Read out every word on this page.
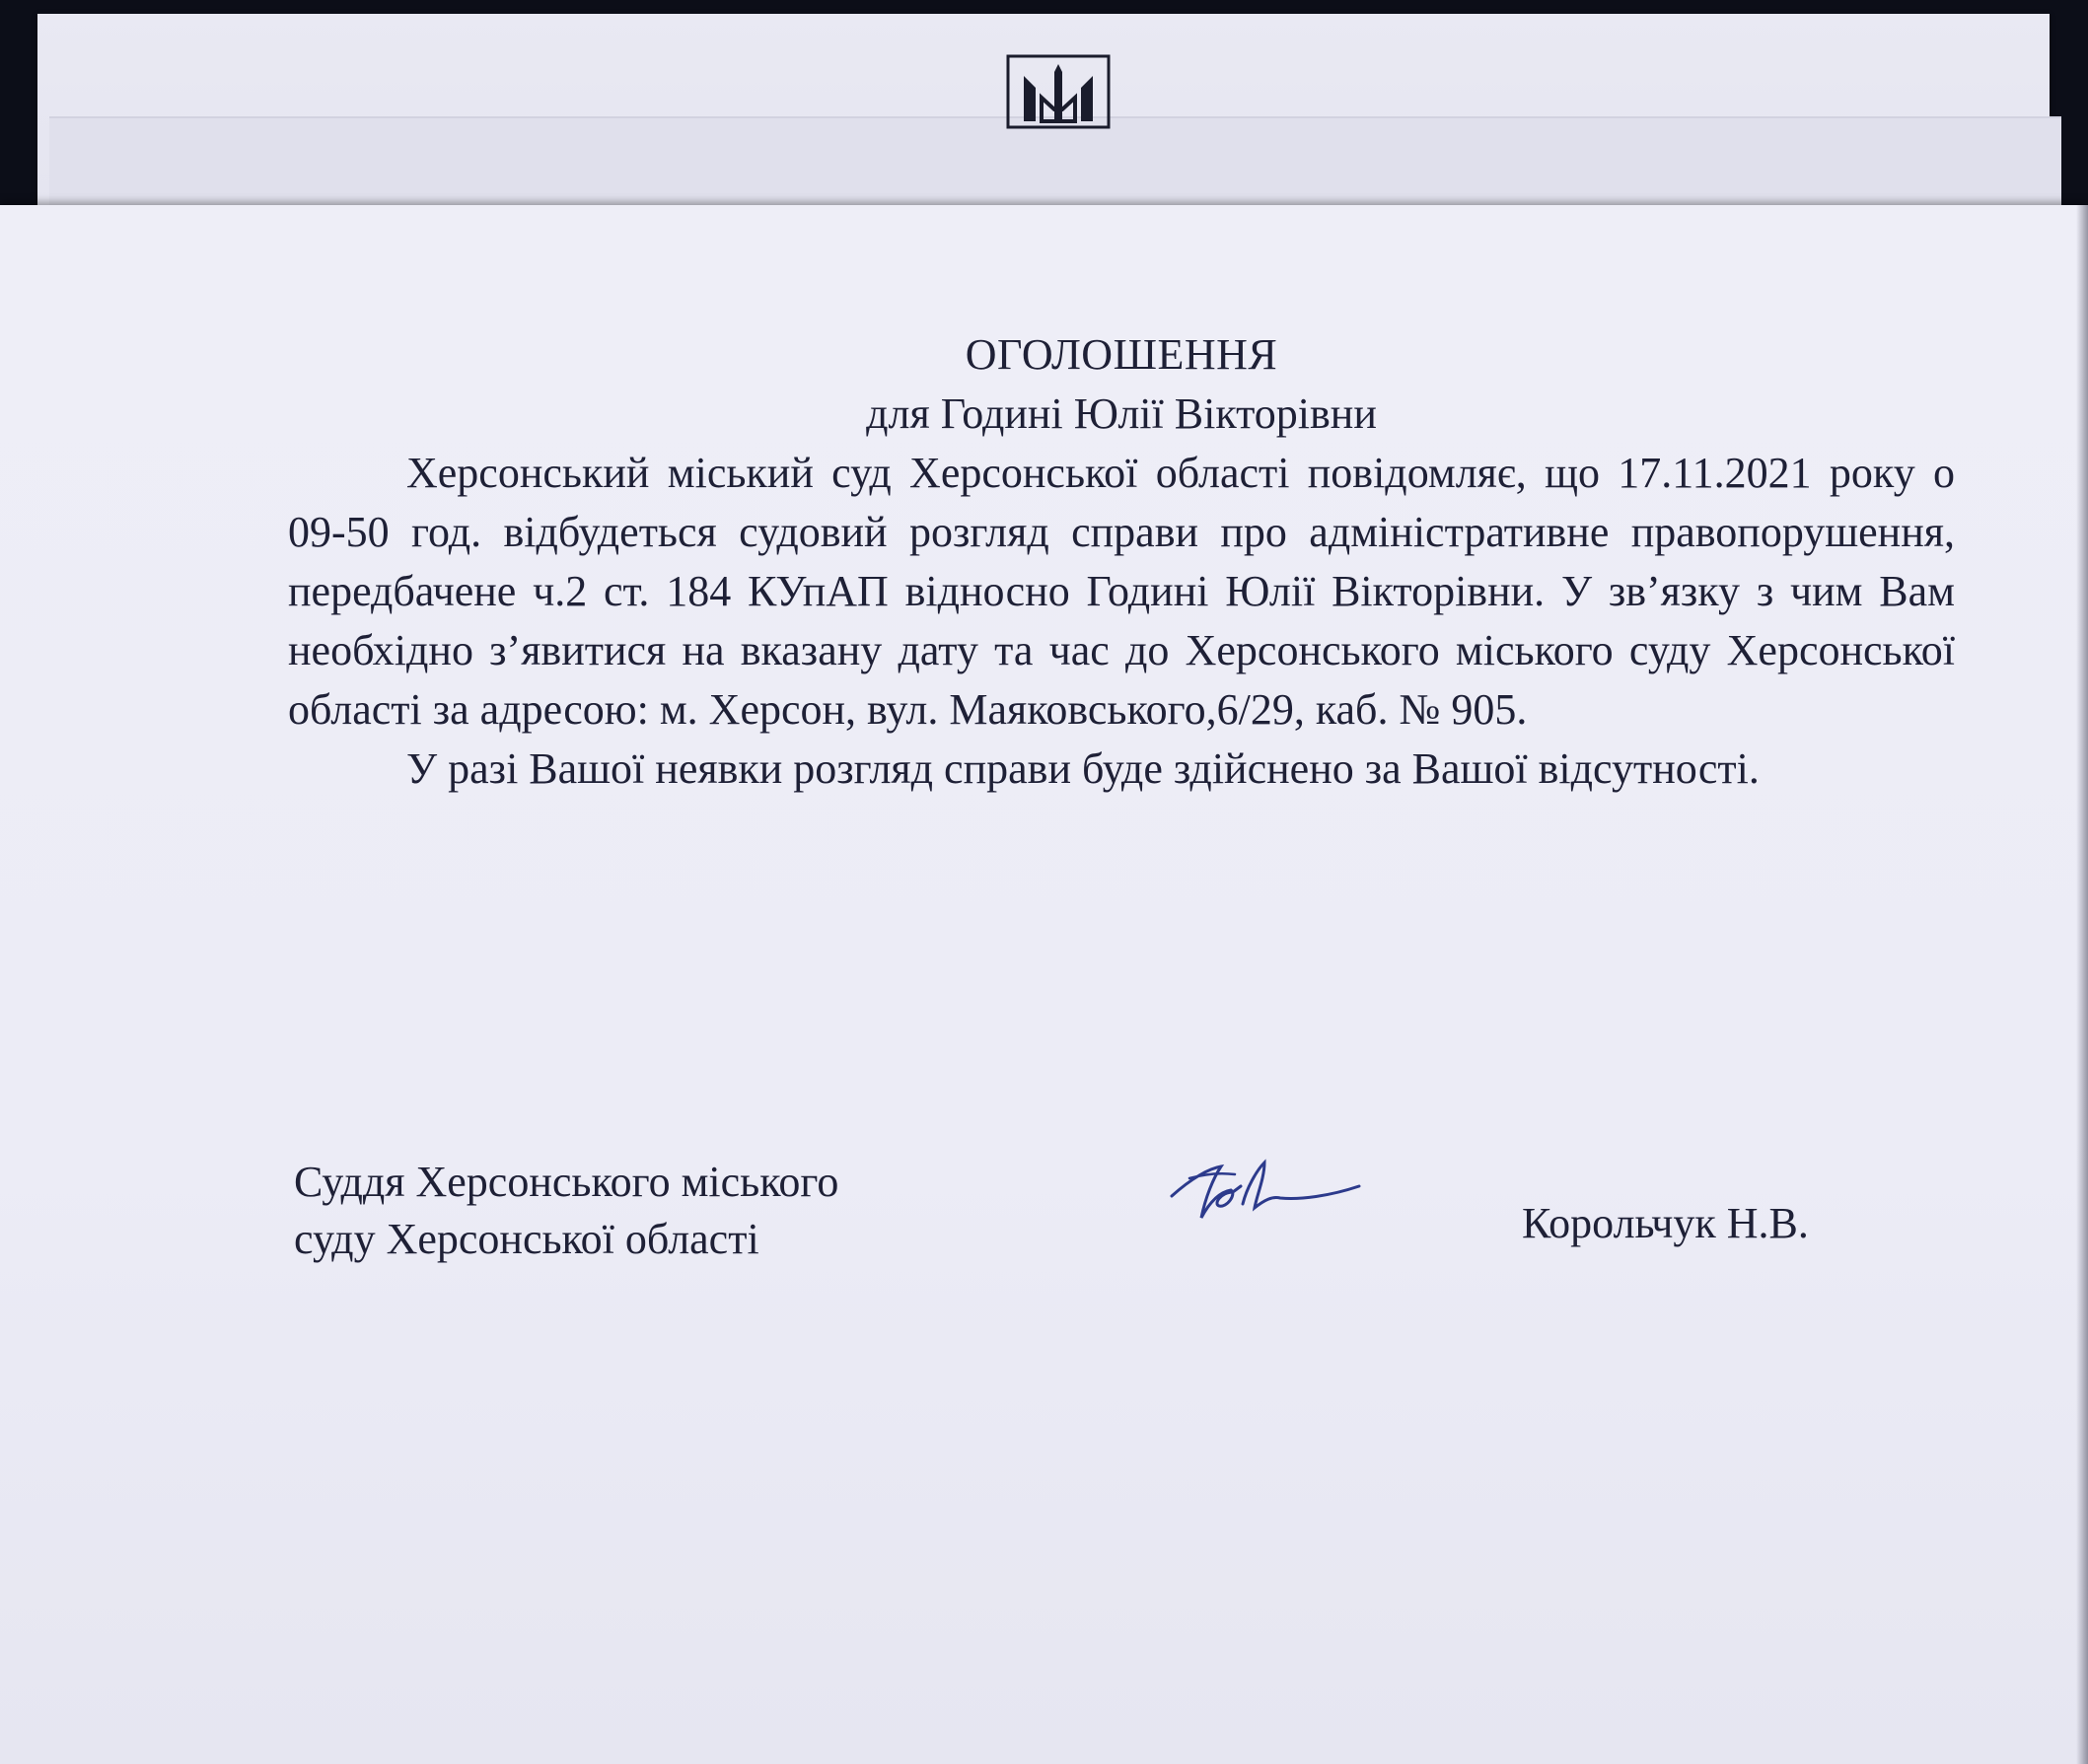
ОГОЛОШЕННЯ

для Годині Юлії Вікторівни

Херсонський міський суд Херсонської області повідомляє, що 17.11.2021 року о 09-50 год. відбудеться судовий розгляд справи про адміністративне правопорушення, передбачене ч.2 ст. 184 КУпАП відносно Годині Юлії Вікторівни. У зв’язку з чим Вам необхідно з’явитися на вказану дату та час до Херсонського міського суду Херсонської області за адресою: м. Херсон, вул. Маяковського,6/29, каб. № 905.

У разі Вашої неявки розгляд справи буде здійснено за Вашої відсутності.

Суддя Херсонського міського
суду Херсонської області	Корольчук Н.В.
